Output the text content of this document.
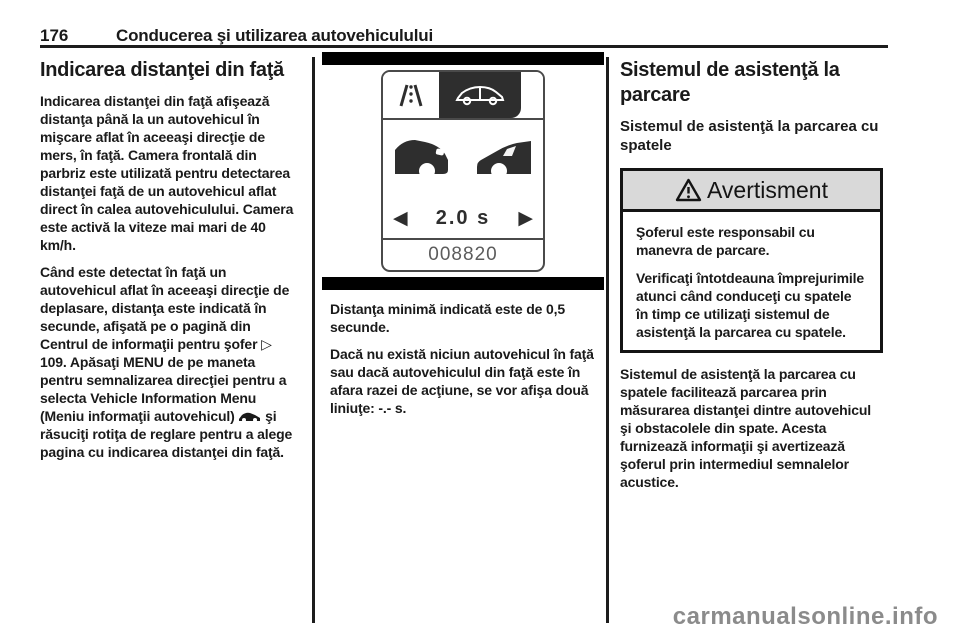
176	Conducerea şi utilizarea autovehiculului
Indicarea distanţei din faţă

Indicarea distanţei din faţă afişează distanţa până la un autovehicul în mişcare aflat în aceeaşi direcţie de mers, în faţă. Camera frontală din parbriz este utilizată pentru detectarea distanţei faţă de un autovehicul aflat direct în calea autovehiculului. Camera este activă la viteze mai mari de 40 km/h.

Când este detectat în faţă un autovehicul aflat în aceeaşi direcţie de deplasare, distanţa este indicată în secunde, afişată pe o pagină din Centrul de informaţii pentru şofer ▷ 109. Apăsaţi MENU de pe maneta pentru semnalizarea direcţiei pentru a selecta Vehicle Information Menu (Meniu informaţii autovehicul)  şi răsuciţi rotiţa de reglare pentru a alege pagina cu indicarea distanţei din faţă.

◀ 2.0 s ▶
008820

Distanţa minimă indicată este de 0,5 secunde.

Dacă nu există niciun autovehicul în faţă sau dacă autovehiculul din faţă este în afara razei de acţiune, se vor afişa două liniuţe: -.- s.

Sistemul de asistenţă la parcare
Sistemul de asistenţă la parcarea cu spatele
Avertisment

Şoferul este responsabil cu manevra de parcare.

Verificaţi întotdeauna împrejurimile atunci când conduceţi cu spatele în timp ce utilizaţi sistemul de asistenţă la parcarea cu spatele.

Sistemul de asistenţă la parcarea cu spatele facilitează parcarea prin măsurarea distanţei dintre autovehicul şi obstacolele din spate. Acesta furnizează informaţii şi avertizează şoferul prin intermediul semnalelor acustice.

carmanualsonline.info
